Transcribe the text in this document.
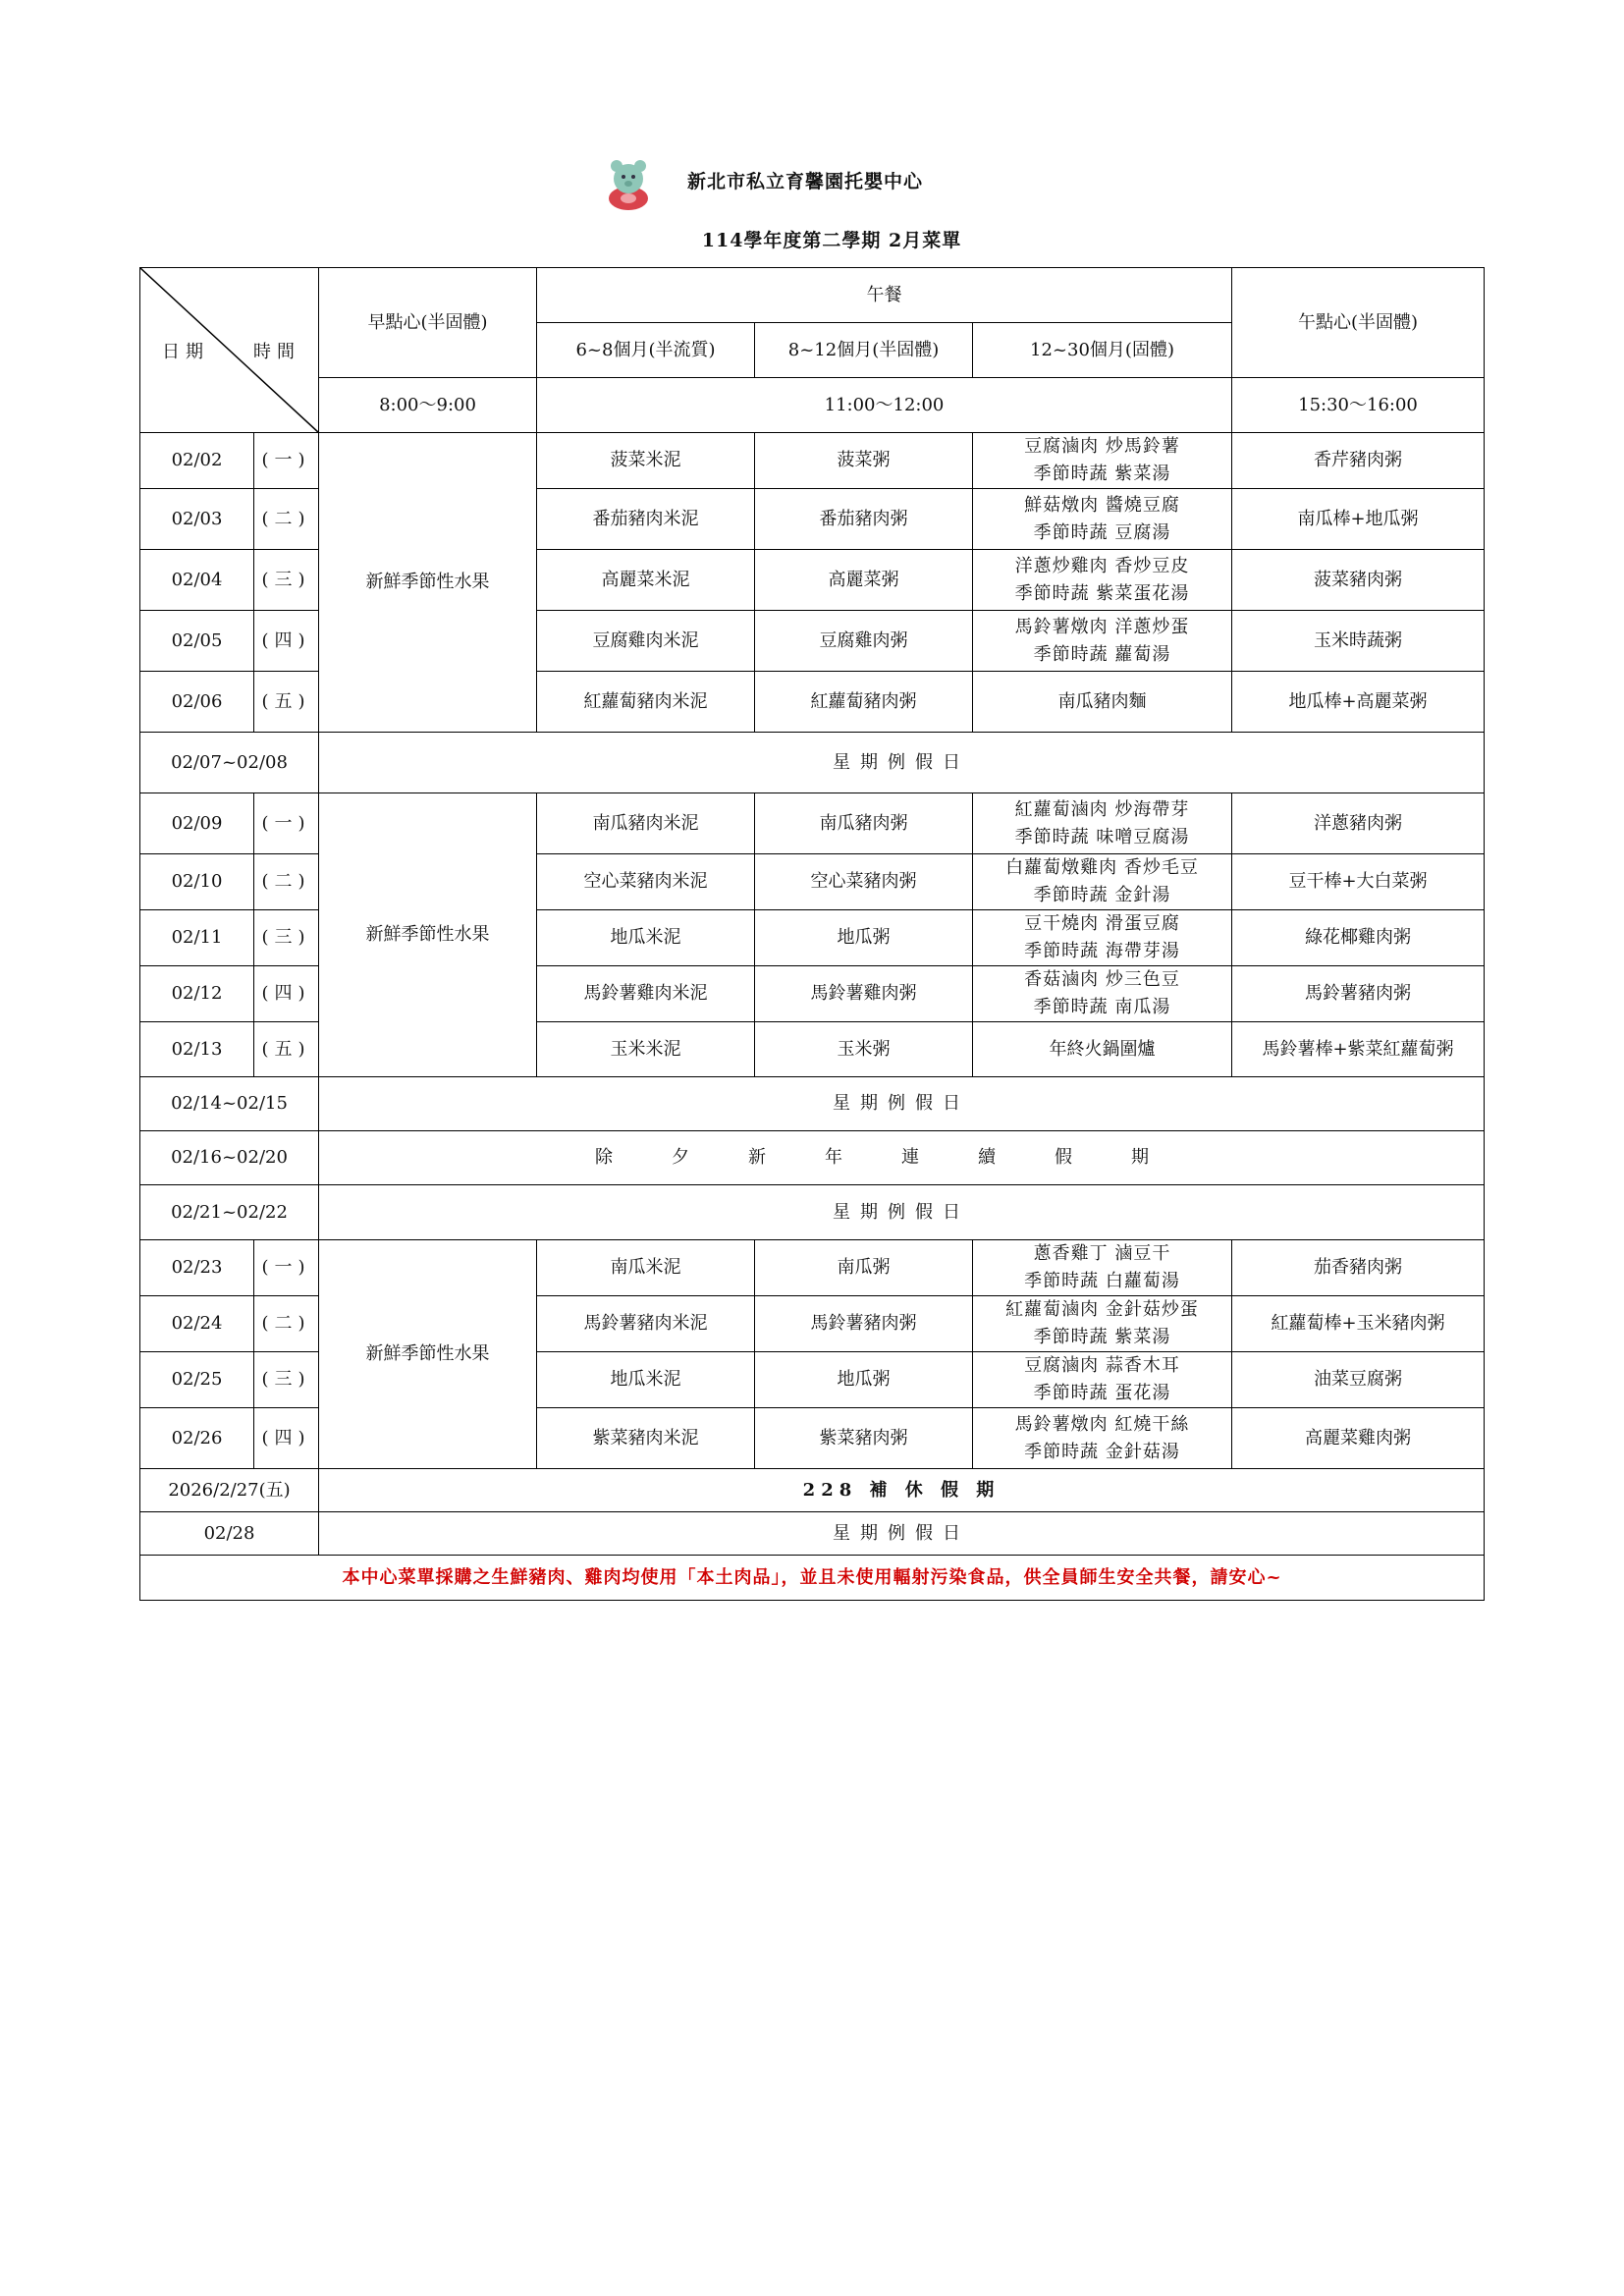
新北市私立育馨園托嬰中心
114學年度第二學期 2月菜單
日期 時間		早點心(半固體)	午餐			午點心(半固體)
			6~8個月(半流質)	8~12個月(半固體)	12~30個月(固體)	
		8:00～9:00	11:00～12:00			15:30～16:00
02/02	(一)	新鮮季節性水果	菠菜米泥	菠菜粥	豆腐滷肉 炒馬鈴薯
季節時蔬 紫菜湯	香芹豬肉粥
02/03	(二)		番茄豬肉米泥	番茄豬肉粥	鮮菇燉肉 醬燒豆腐
季節時蔬 豆腐湯	南瓜棒+地瓜粥
02/04	(三)		高麗菜米泥	高麗菜粥	洋蔥炒雞肉 香炒豆皮
季節時蔬 紫菜蛋花湯	菠菜豬肉粥
02/05	(四)		豆腐雞肉米泥	豆腐雞肉粥	馬鈴薯燉肉 洋蔥炒蛋
季節時蔬 蘿蔔湯	玉米時蔬粥
02/06	(五)		紅蘿蔔豬肉米泥	紅蘿蔔豬肉粥	南瓜豬肉麵	地瓜棒+高麗菜粥
02/07~02/08		星期例假日				
02/09	(一)	新鮮季節性水果	南瓜豬肉米泥	南瓜豬肉粥	紅蘿蔔滷肉 炒海帶芽
季節時蔬 味噌豆腐湯	洋蔥豬肉粥
02/10	(二)		空心菜豬肉米泥	空心菜豬肉粥	白蘿蔔燉雞肉 香炒毛豆
季節時蔬 金針湯	豆干棒+大白菜粥
02/11	(三)		地瓜米泥	地瓜粥	豆干燒肉 滑蛋豆腐
季節時蔬 海帶芽湯	綠花椰雞肉粥
02/12	(四)		馬鈴薯雞肉米泥	馬鈴薯雞肉粥	香菇滷肉 炒三色豆
季節時蔬 南瓜湯	馬鈴薯豬肉粥
02/13	(五)		玉米米泥	玉米粥	年終火鍋圍爐	馬鈴薯棒+紫菜紅蘿蔔粥
02/14~02/15		星期例假日				
02/16~02/20		除夕新年連續假期				
02/21~02/22		星期例假日				
02/23	(一)	新鮮季節性水果	南瓜米泥	南瓜粥	蔥香雞丁 滷豆干
季節時蔬 白蘿蔔湯	茄香豬肉粥
02/24	(二)		馬鈴薯豬肉米泥	馬鈴薯豬肉粥	紅蘿蔔滷肉 金針菇炒蛋
季節時蔬 紫菜湯	紅蘿蔔棒+玉米豬肉粥
02/25	(三)		地瓜米泥	地瓜粥	豆腐滷肉 蒜香木耳
季節時蔬 蛋花湯	油菜豆腐粥
02/26	(四)		紫菜豬肉米泥	紫菜豬肉粥	馬鈴薯燉肉 紅燒干絲
季節時蔬 金針菇湯	高麗菜雞肉粥
2026/2/27(五)		228 補 休 假 期				
02/28		星期例假日				
本中心菜單採購之生鮮豬肉、雞肉均使用「本土肉品」，並且未使用輻射污染食品，供全員師生安全共餐，請安心~						
